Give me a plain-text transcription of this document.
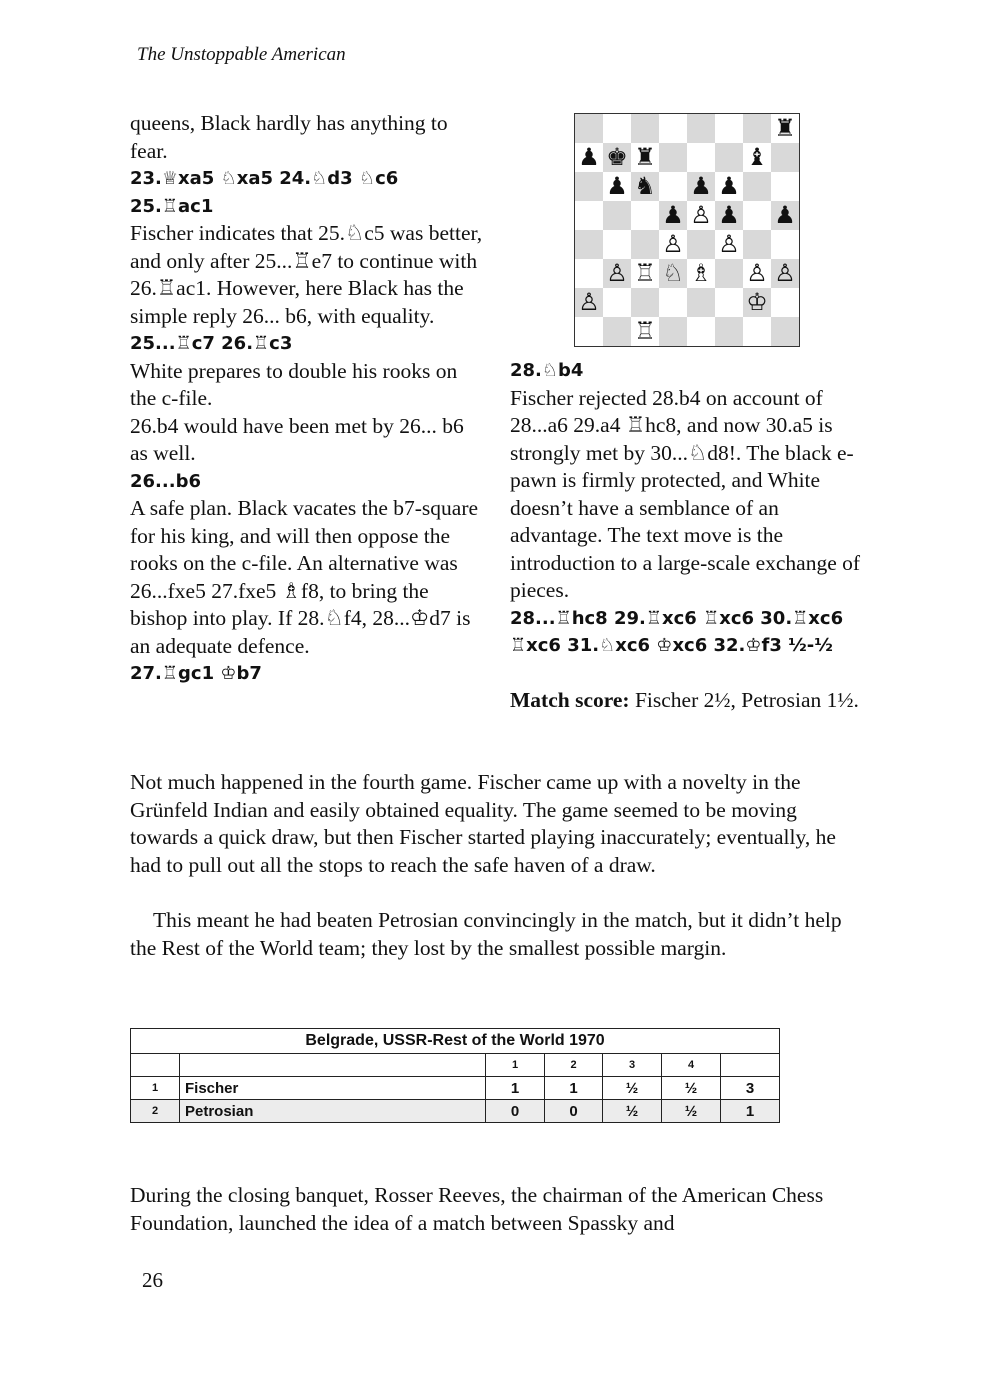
The Unstoppable American

queens, Black hardly has anything to fear.

23.♕xa5 ♘xa5 24.♘d3 ♘c6

25.♖ac1

Fischer indicates that 25.♘c5 was better, and only after 25...♖e7 to continue with 26.♖ac1. However, here Black has the simple reply 26... b6, with equality.

25...♖c7 26.♖c3

White prepares to double his rooks on the c-file.

26.b4 would have been met by 26... b6 as well.

26...b6

A safe plan. Black vacates the b7-square for his king, and will then oppose the rooks on the c-file. An alternative was 26...fxe5 27.fxe5 ♗f8, to bring the bishop into play. If 28.♘f4, 28...♔d7 is an adequate defence.

27.♖gc1 ♔b7

♜
♟ ♚ ♜	♝
♟ ♞ ♟ ♟
♟ ♙ ♟ ♟
♙ ♙
♙ ♖ ♘ ♗ ♙ ♙
♙	♔
♖

28.♘b4

Fischer rejected 28.b4 on account of 28...a6 29.a4 ♖hc8, and now 30.a5 is strongly met by 30...♘d8!. The black e-pawn is firmly protected, and White doesn’t have a semblance of an advantage. The text move is the introduction to a large-scale exchange of pieces.

28...♖hc8 29.♖xc6 ♖xc6 30.♖xc6 ♖xc6 31.♘xc6 ♔xc6 32.♔f3 ½-½

Match score: Fischer 2½, Petrosian 1½.

Not much happened in the fourth game. Fischer came up with a novelty in the Grünfeld Indian and easily obtained equality. The game seemed to be moving towards a quick draw, but then Fischer started playing inaccurately; eventually, he had to pull out all the stops to reach the safe haven of a draw.

This meant he had beaten Petrosian convincingly in the match, but it didn’t help the Rest of the World team; they lost by the smallest possible margin.

Belgrade, USSR-Rest of the World 1970						
		1	2	3	4	
1	Fischer	1	1	½	½	3
2	Petrosian	0	0	½	½	1

During the closing banquet, Rosser Reeves, the chairman of the American Chess Foundation, launched the idea of a match between Spassky and

26
